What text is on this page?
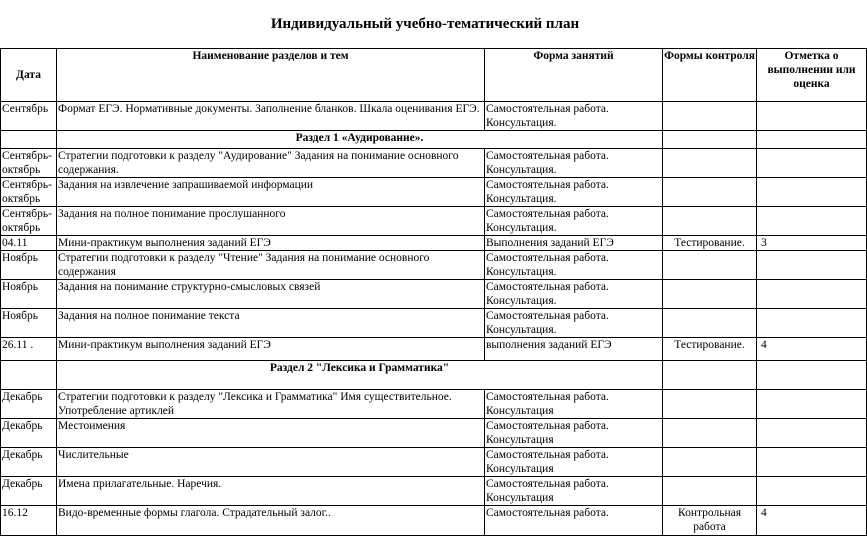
Индивидуальный учебно-тематический план
Дата	Наименование разделов и тем	Форма занятий	Формы контроля	Отметка о выполнении или оценка
Сентябрь	Формат ЕГЭ. Нормативные документы. Заполнение бланков. Шкала оценивания ЕГЭ.	Самостоятельная работа. Консультация.		
	Раздел 1 «Аудирование».			
Сентябрь-октябрь	Стратегии подготовки к разделу "Аудирование" Задания на понимание основного содержания.	Самостоятельная работа. Консультация.		
Сентябрь-октябрь	Задания на извлечение запрашиваемой информации	Самостоятельная работа. Консультация.		
Сентябрь-октябрь	Задания на полное понимание прослушанного	Самостоятельная работа. Консультация.		
04.11	Мини-практикум выполнения заданий ЕГЭ	Выполнения заданий ЕГЭ	Тестирование.	3
Ноябрь	Стратегии подготовки к разделу "Чтение" Задания на понимание основного содержания	Самостоятельная работа. Консультация.		
Ноябрь	Задания на понимание структурно-смысловых связей	Самостоятельная работа. Консультация.		
Ноябрь	Задания на полное понимание текста	Самостоятельная работа. Консультация.		
26.11 .	Мини-практикум выполнения заданий ЕГЭ	выполнения заданий ЕГЭ	Тестирование.	4
	Раздел 2 "Лексика и Грамматика"			
Декабрь	Стратегии подготовки к разделу "Лексика и Грамматика" Имя существительное. Употребление артиклей	Самостоятельная работа. Консультация		
Декабрь	Местоимения	Самостоятельная работа. Консультация		
Декабрь	Числительные	Самостоятельная работа. Консультация		
Декабрь	Имена прилагательные. Наречия.	Самостоятельная работа. Консультация		
16.12	Видо-временные формы глагола. Страдательный залог..	Самостоятельная работа.	Контрольная работа	4
